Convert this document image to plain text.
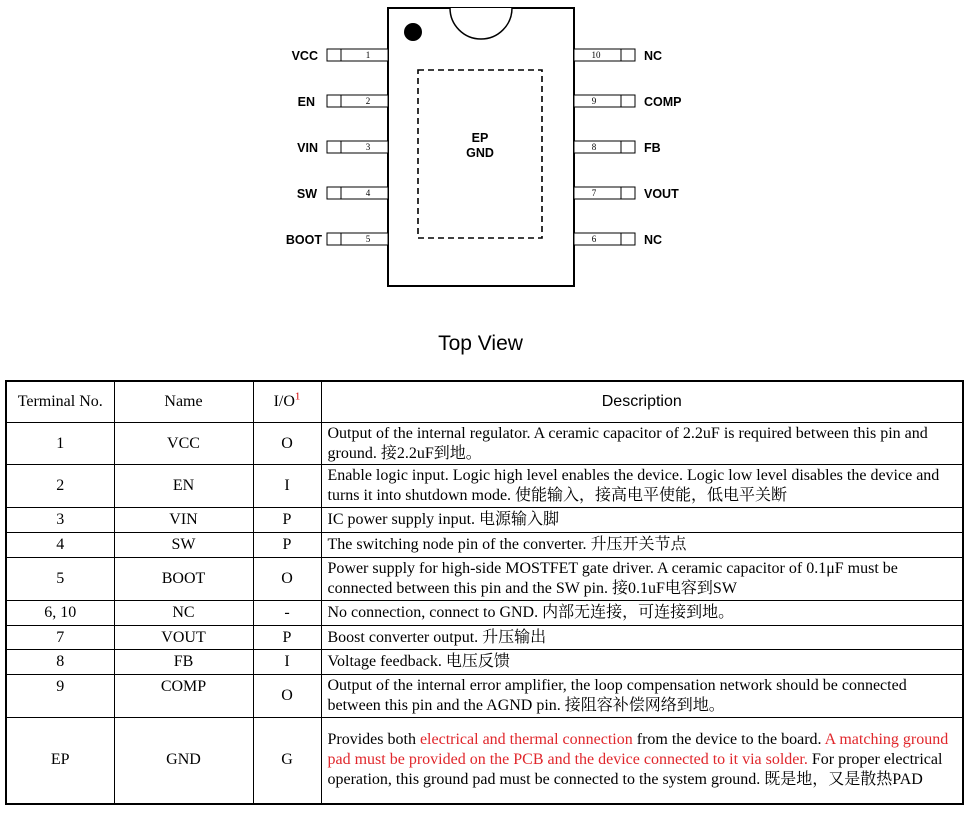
1
2
3
4
5
10
9
8
7
6
VCC
EN
VIN
SW
BOOT
NC
COMP
FB
VOUT
NC
EP
GND
Top View
Terminal No.	Name	$I/O^1$	Description
1	VCC	O	Output of the internal regulator. A ceramic capacitor of 2.2uF is required between this pin and ground. 接2.2uF到地。
2	EN	I	Enable logic input. Logic high level enables the device. Logic low level disables the device and turns it into shutdown mode. 使能输入，接高电平使能，低电平关断
3	VIN	P	IC power supply input. 电源输入脚
4	SW	P	The switching node pin of the converter. 升压开关节点
5	BOOT	O	Power supply for high-side MOSTFET gate driver. A ceramic capacitor of 0.1μF must be connected between this pin and the SW pin. 接0.1uF电容到SW
6, 10	NC	-	No connection, connect to GND. 内部无连接，可连接到地。
7	VOUT	P	Boost converter output. 升压输出
8	FB	I	Voltage feedback. 电压反馈
9	COMP	O	Output of the internal error amplifier, the loop compensation network should be connected between this pin and the AGND pin. 接阻容补偿网络到地。
EP	GND	G	Provides both electrical and thermal connection from the device to the board. A matching ground pad must be provided on the PCB and the device connected to it via solder. For proper electrical operation, this ground pad must be connected to the system ground. 既是地，又是散热PAD
